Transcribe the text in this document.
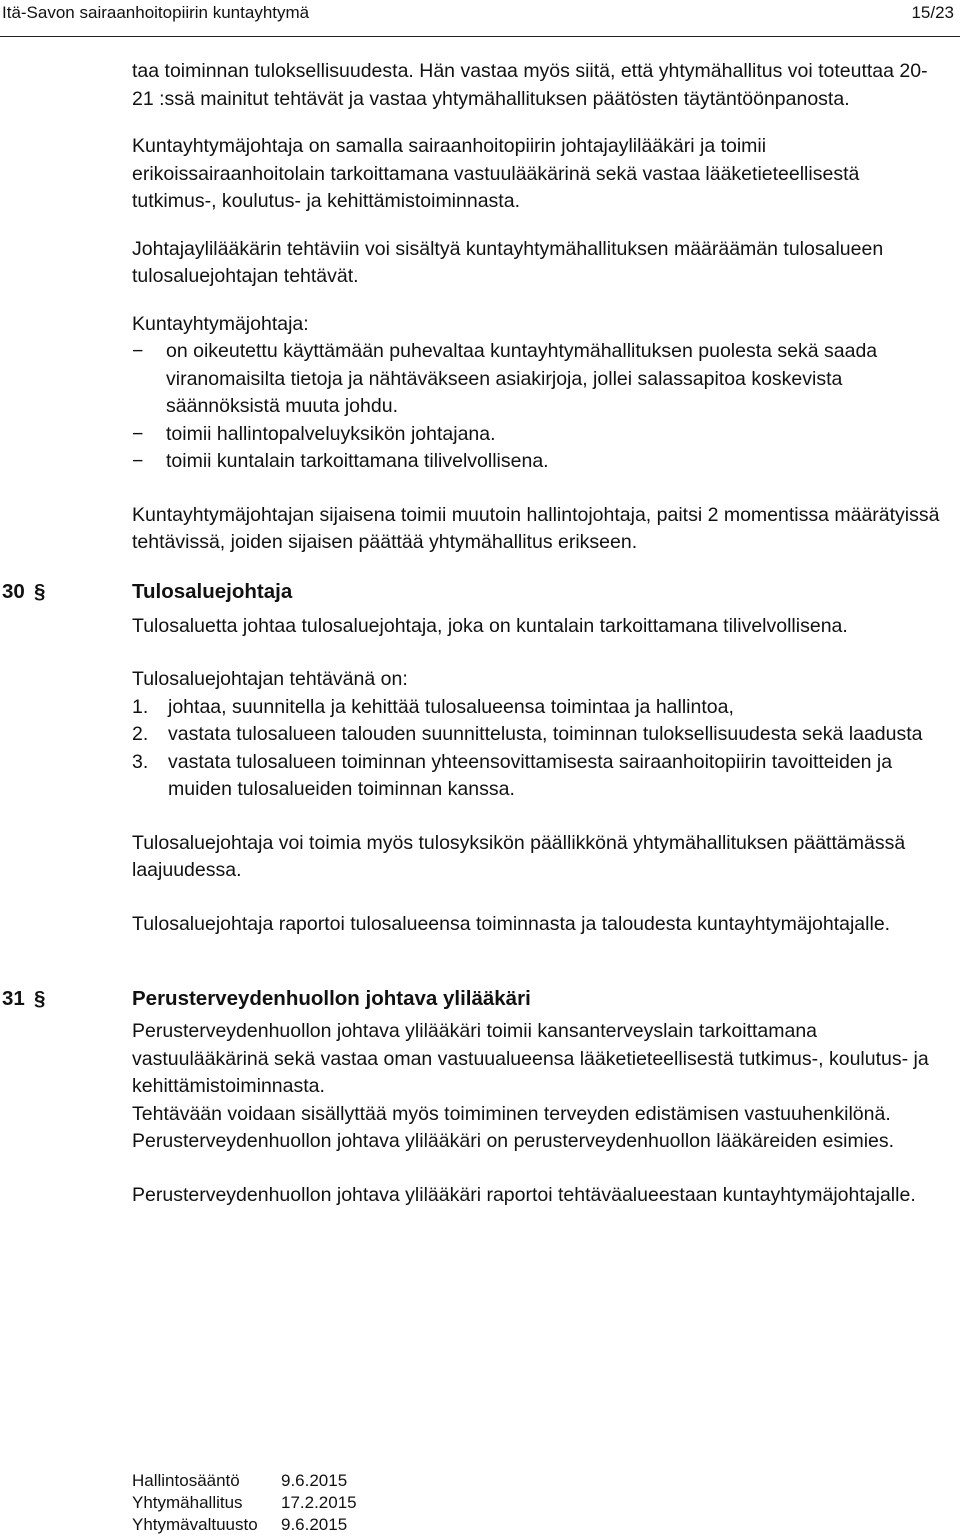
Itä-Savon sairaanhoitopiirin kuntayhtymä	15/23

taa toiminnan tuloksellisuudesta. Hän vastaa myös siitä, että yhtymähallitus voi toteuttaa 20-21 :ssä mainitut tehtävät ja vastaa yhtymähallituksen päätösten täytäntöönpanosta.

Kuntayhtymäjohtaja on samalla sairaanhoitopiirin johtajaylilääkäri ja toimii erikoissairaanhoitolain tarkoittamana vastuulääkärinä sekä vastaa lääketieteellisestä tutkimus-, koulutus- ja kehittämistoiminnasta.

Johtajaylilääkärin tehtäviin voi sisältyä kuntayhtymähallituksen määräämän tulosalueen tulosaluejohtajan tehtävät.

Kuntayhtymäjohtaja:

− on oikeutettu käyttämään puhevaltaa kuntayhtymähallituksen puolesta sekä saada viranomaisilta tietoja ja nähtäväkseen asiakirjoja, jollei salassapitoa koskevista säännöksistä muuta johdu.
− toimii hallintopalveluyksikön johtajana.
− toimii kuntalain tarkoittamana tilivelvollisena.

Kuntayhtymäjohtajan sijaisena toimii muutoin hallintojohtaja, paitsi 2 momentissa määrätyissä tehtävissä, joiden sijaisen päättää yhtymähallitus erikseen.

30 §	Tulosaluejohtaja

Tulosaluetta johtaa tulosaluejohtaja, joka on kuntalain tarkoittamana tilivelvollisena.

Tulosaluejohtajan tehtävänä on:

1. johtaa, suunnitella ja kehittää tulosalueensa toimintaa ja hallintoa,
2. vastata tulosalueen talouden suunnittelusta, toiminnan tuloksellisuudesta sekä laadusta
3. vastata tulosalueen toiminnan yhteensovittamisesta sairaanhoitopiirin tavoitteiden ja muiden tulosalueiden toiminnan kanssa.

Tulosaluejohtaja voi toimia myös tulosyksikön päällikkönä yhtymähallituksen päättämässä laajuudessa.

Tulosaluejohtaja raportoi tulosalueensa toiminnasta ja taloudesta kuntayhtymäjohtajalle.

31 §	Perusterveydenhuollon johtava ylilääkäri

Perusterveydenhuollon johtava ylilääkäri toimii kansanterveyslain tarkoittamana vastuulääkärinä sekä vastaa oman vastuualueensa lääketieteellisestä tutkimus-, koulutus- ja kehittämistoiminnasta.

Tehtävään voidaan sisällyttää myös toimiminen terveyden edistämisen vastuuhenkilönä.

Perusterveydenhuollon johtava ylilääkäri on perusterveydenhuollon lääkäreiden esimies.

Perusterveydenhuollon johtava ylilääkäri raportoi tehtäväalueestaan kuntayhtymäjohtajalle.

Hallintosääntö	9.6.2015
Yhtymähallitus	17.2.2015
Yhtymävaltuusto	9.6.2015
